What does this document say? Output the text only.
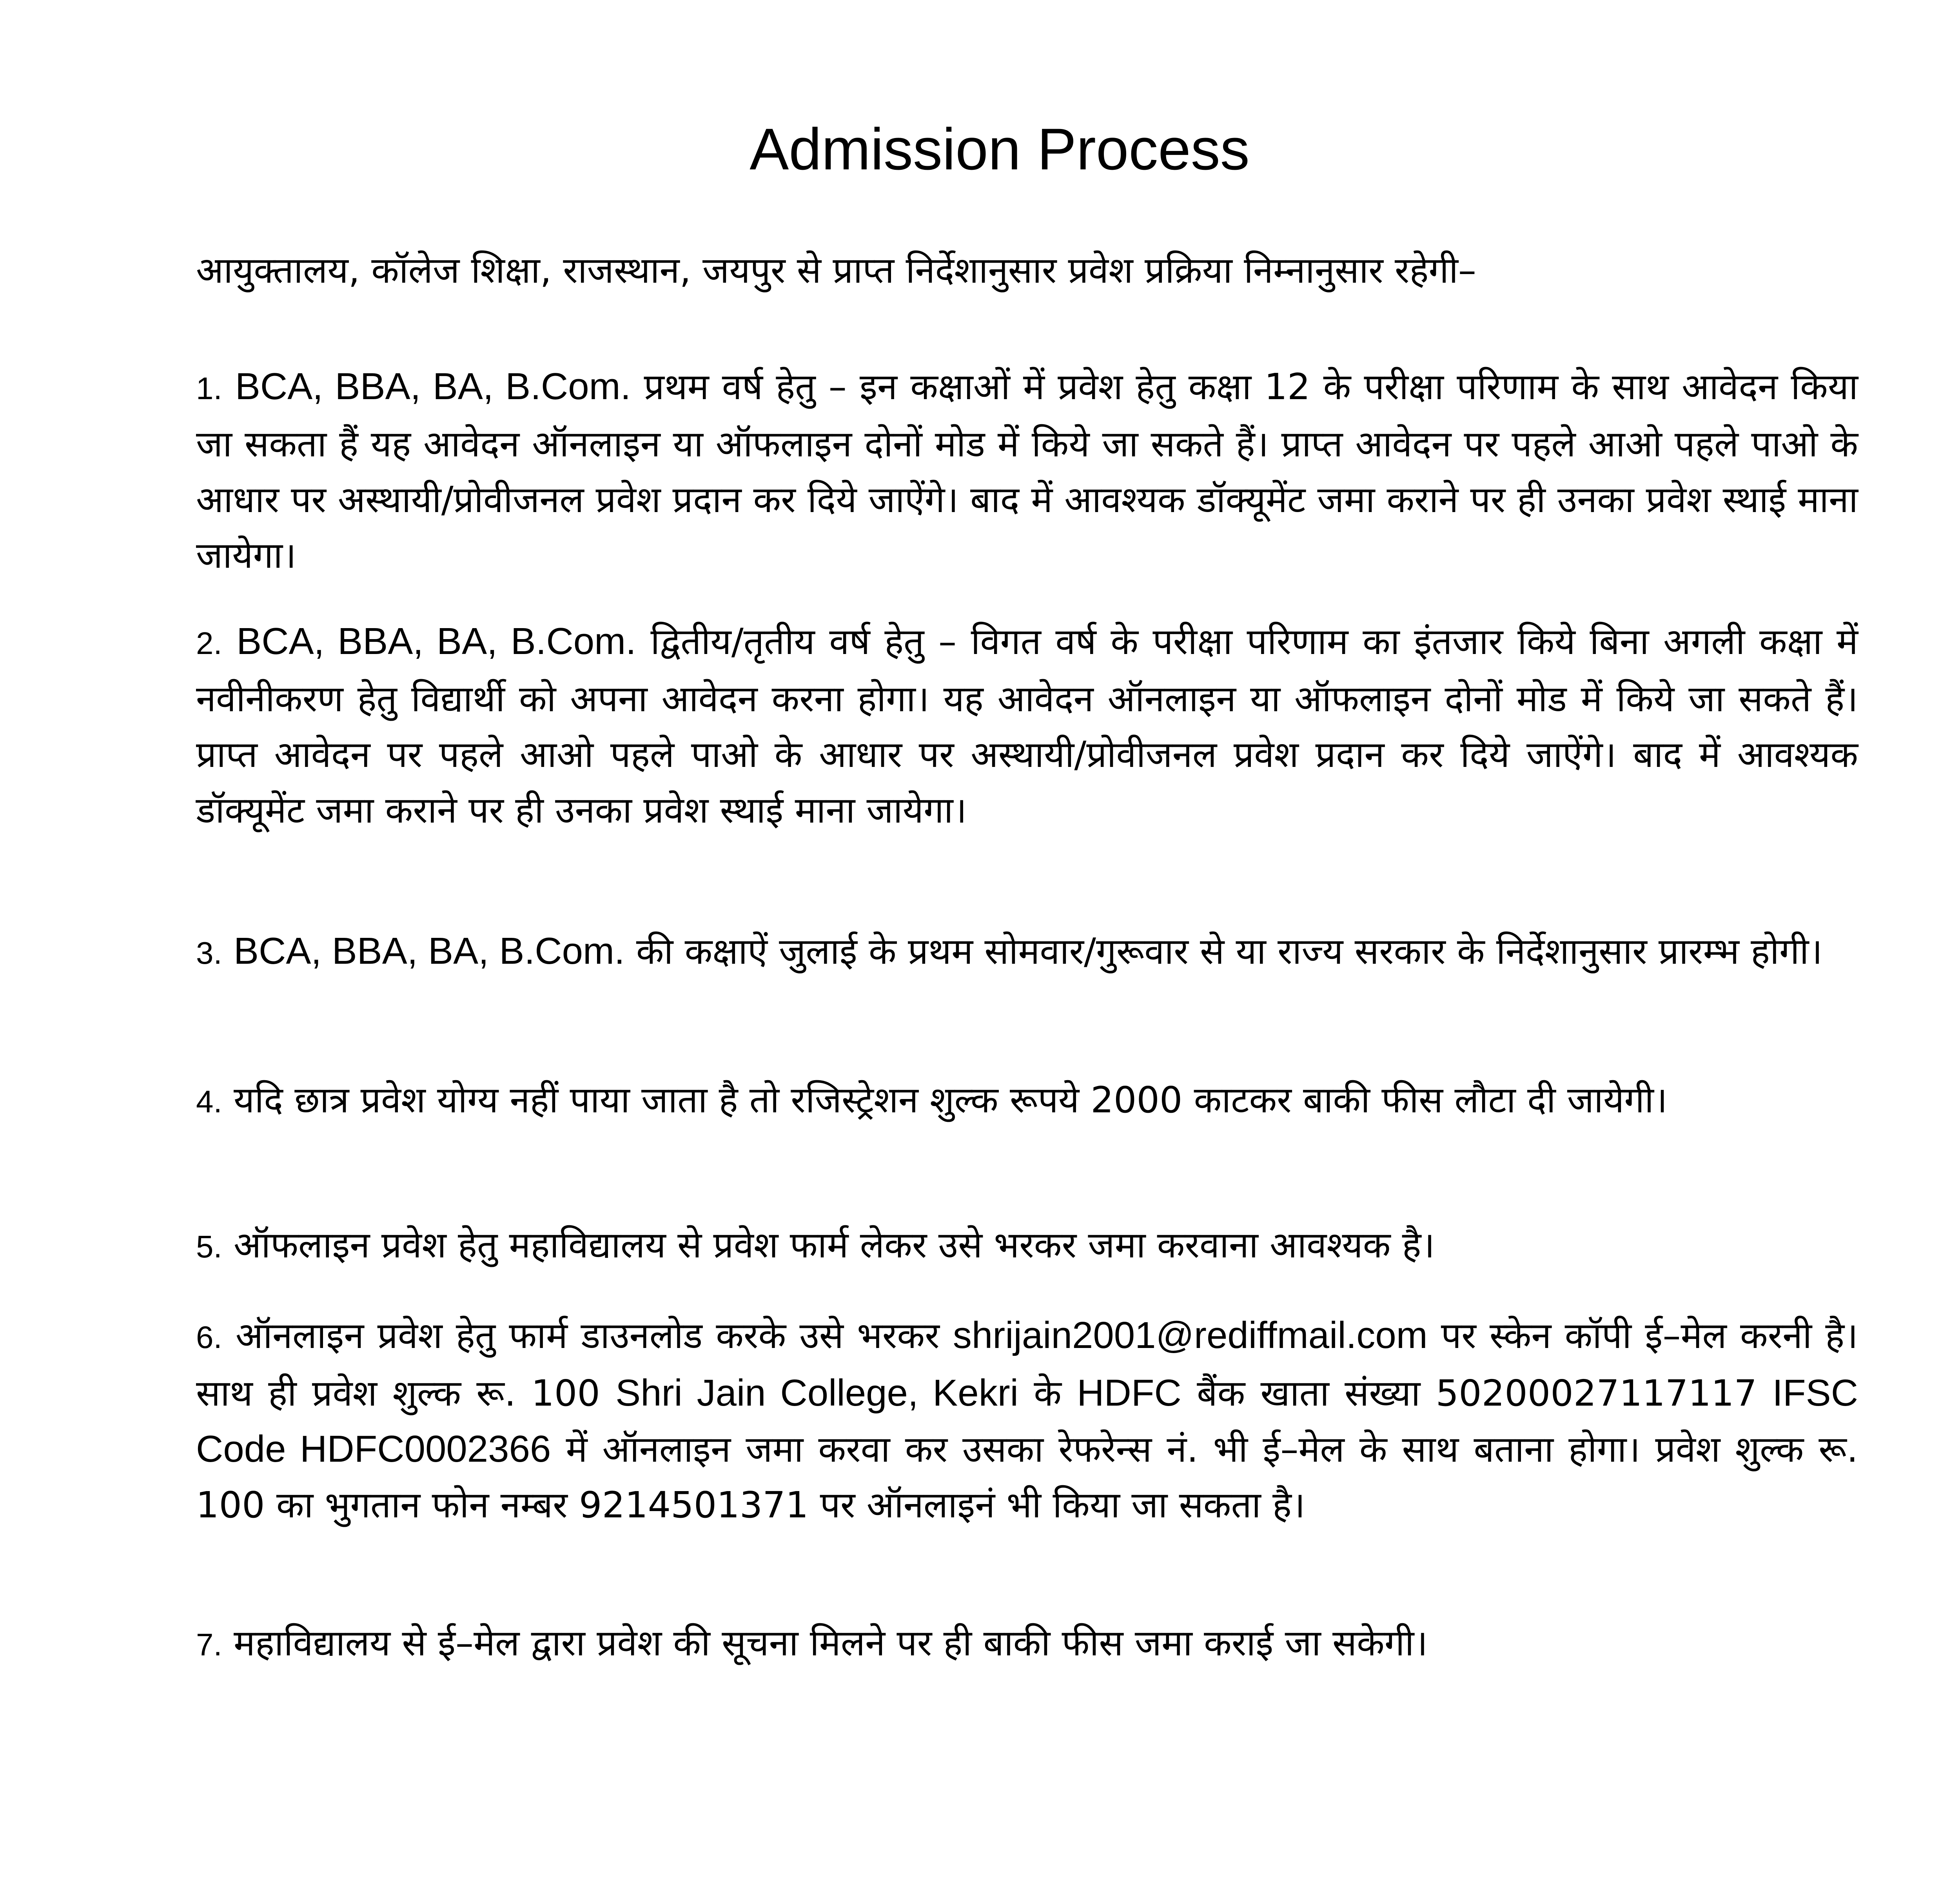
Admission Process
आयुक्तालय, कॉलेज शिक्षा, राजस्थान, जयपुर से प्राप्त निर्देशानुसार प्रवेश प्रक्रिया निम्नानुसार रहेगी–
1. BCA, BBA, BA, B.Com. प्रथम वर्ष हेतु – इन कक्षाओं में प्रवेश हेतु कक्षा 12 के परीक्षा परिणाम के साथ आवेदन किया जा सकता हैं यह आवेदन ऑनलाइन या ऑफलाइन दोनों मोड में किये जा सकते हैं। प्राप्त आवेदन पर पहले आओ पहले पाओ के आधार पर अस्थायी/प्रोवीजनल प्रवेश प्रदान कर दिये जाऐंगे। बाद में आवश्यक डॉक्यूमेंट जमा कराने पर ही उनका प्रवेश स्थाई माना जायेगा।
2. BCA, BBA, BA, B.Com. द्वितीय/तृतीय वर्ष हेतु – विगत वर्ष के परीक्षा परिणाम का इंतजार किये बिना अगली कक्षा में नवीनीकरण हेतु विद्यार्थी को अपना आवेदन करना होगा। यह आवेदन ऑनलाइन या ऑफलाइन दोनों मोड में किये जा सकते हैं। प्राप्त आवेदन पर पहले आओ पहले पाओ के आधार पर अस्थायी/प्रोवीजनल प्रवेश प्रदान कर दिये जाऐंगे। बाद में आवश्यक डॉक्यूमेंट जमा कराने पर ही उनका प्रवेश स्थाई माना जायेगा।
3. BCA, BBA, BA, B.Com. की कक्षाऐं जुलाई के प्रथम सोमवार/गुरूवार से या राज्य सरकार के निर्देशानुसार प्रारम्भ होगी।
4. यदि छात्र प्रवेश योग्य नहीं पाया जाता है तो रजिस्ट्रेशन शुल्क रूपये 2000 काटकर बाकी फीस लौटा दी जायेगी।
5. ऑफलाइन प्रवेश हेतु महाविद्यालय से प्रवेश फार्म लेकर उसे भरकर जमा करवाना आवश्यक है।
6. ऑनलाइन प्रवेश हेतु फार्म डाउनलोड करके उसे भरकर shrijain2001@rediffmail.com पर स्केन कॉपी ई–मेल करनी है। साथ ही प्रवेश शुल्क रू. 100 Shri Jain College, Kekri के HDFC बैंक खाता संख्या 50200027117117 IFSC Code HDFC0002366 में ऑनलाइन जमा करवा कर उसका रेफरेन्स नं. भी ई–मेल के साथ बताना होगा। प्रवेश शुल्क रू. 100 का भुगतान फोन नम्बर 9214501371 पर ऑनलाइनं भी किया जा सकता है।
7. महाविद्यालय से ई–मेल द्वारा प्रवेश की सूचना मिलने पर ही बाकी फीस जमा कराई जा सकेगी।
